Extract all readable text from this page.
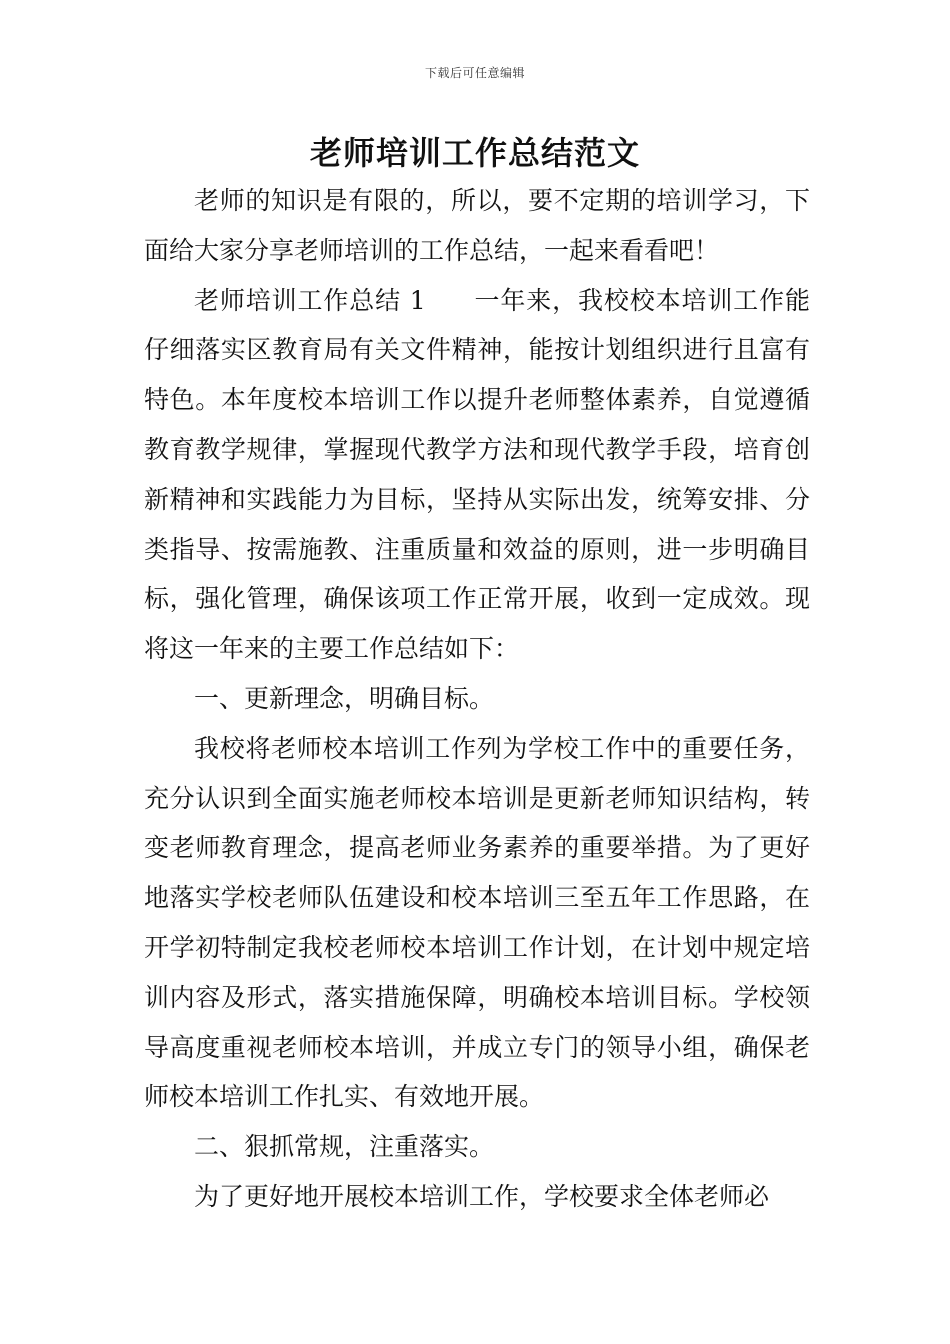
下载后可任意编辑
老师培训工作总结范文

老师的知识是有限的，所以，要不定期的培训学习，下面给大家分享老师培训的工作总结，一起来看看吧！

老师培训工作总结 1 一年来，我校校本培训工作能仔细落实区教育局有关文件精神，能按计划组织进行且富有特色。本年度校本培训工作以提升老师整体素养，自觉遵循教育教学规律，掌握现代教学方法和现代教学手段，培育创新精神和实践能力为目标，坚持从实际出发，统筹安排、分类指导、按需施教、注重质量和效益的原则，进一步明确目标，强化管理，确保该项工作正常开展，收到一定成效。现将这一年来的主要工作总结如下：

一、更新理念，明确目标。

我校将老师校本培训工作列为学校工作中的重要任务，充分认识到全面实施老师校本培训是更新老师知识结构，转变老师教育理念，提高老师业务素养的重要举措。为了更好地落实学校老师队伍建设和校本培训三至五年工作思路，在开学初特制定我校老师校本培训工作计划，在计划中规定培训内容及形式，落实措施保障，明确校本培训目标。学校领导高度重视老师校本培训，并成立专门的领导小组，确保老师校本培训工作扎实、有效地开展。

二、狠抓常规，注重落实。

为了更好地开展校本培训工作，学校要求全体老师必
